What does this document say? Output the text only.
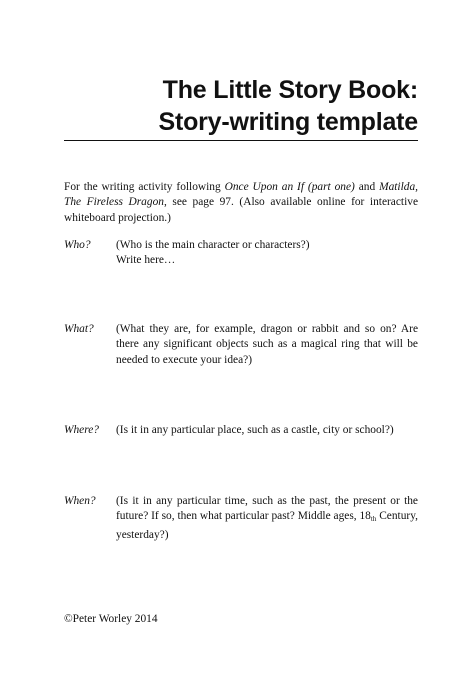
The Little Story Book:
Story-writing template
For the writing activity following Once Upon an If (part one) and Matilda, The Fireless Dragon, see page 97. (Also available online for interactive whiteboard projection.)
Who? (Who is the main character or characters?)
Write here…
What? (What they are, for example, dragon or rabbit and so on? Are there any significant objects such as a magical ring that will be needed to execute your idea?)
Where? (Is it in any particular place, such as a castle, city or school?)
When? (Is it in any particular time, such as the past, the present or the future? If so, then what particular past? Middle ages, $18_{th}$ Century, yesterday?)
©Peter Worley 2014
